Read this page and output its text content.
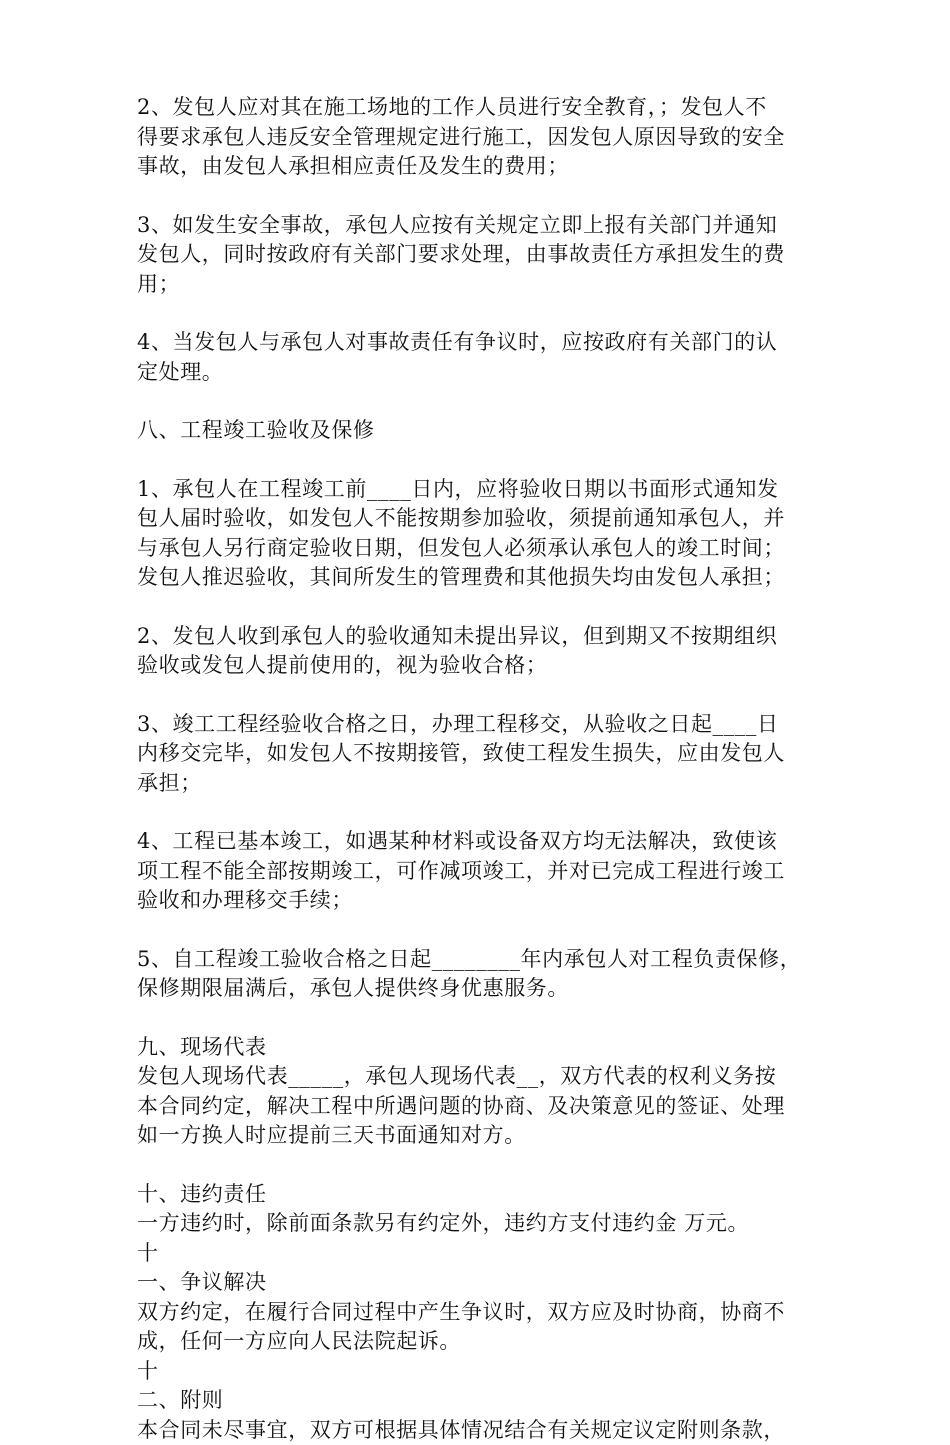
2、发包人应对其在施工场地的工作人员进行安全教育，；发包人不
得要求承包人违反安全管理规定进行施工，因发包人原因导致的安全
事故，由发包人承担相应责任及发生的费用；
3、如发生安全事故，承包人应按有关规定立即上报有关部门并通知
发包人，同时按政府有关部门要求处理，由事故责任方承担发生的费
用；
4、当发包人与承包人对事故责任有争议时，应按政府有关部门的认
定处理。
八、工程竣工验收及保修
1、承包人在工程竣工前____日内，应将验收日期以书面形式通知发
包人届时验收，如发包人不能按期参加验收，须提前通知承包人，并
与承包人另行商定验收日期，但发包人必须承认承包人的竣工时间；
发包人推迟验收，其间所发生的管理费和其他损失均由发包人承担；
2、发包人收到承包人的验收通知未提出异议，但到期又不按期组织
验收或发包人提前使用的，视为验收合格；
3、竣工工程经验收合格之日，办理工程移交，从验收之日起____日
内移交完毕，如发包人不按期接管，致使工程发生损失，应由发包人
承担；
4、工程已基本竣工，如遇某种材料或设备双方均无法解决，致使该
项工程不能全部按期竣工，可作减项竣工，并对已完成工程进行竣工
验收和办理移交手续；
5、自工程竣工验收合格之日起________年内承包人对工程负责保修，
保修期限届满后，承包人提供终身优惠服务。
九、现场代表
发包人现场代表_____，承包人现场代表__，双方代表的权利义务按
本合同约定，解决工程中所遇问题的协商、及决策意见的签证、处理
如一方换人时应提前三天书面通知对方。
十、违约责任
一方违约时，除前面条款另有约定外，违约方支付违约金 万元。
十
一、争议解决
双方约定，在履行合同过程中产生争议时，双方应及时协商，协商不
成，任何一方应向人民法院起诉。
十
二、附则
本合同未尽事宜，双方可根据具体情况结合有关规定议定附则条款，
